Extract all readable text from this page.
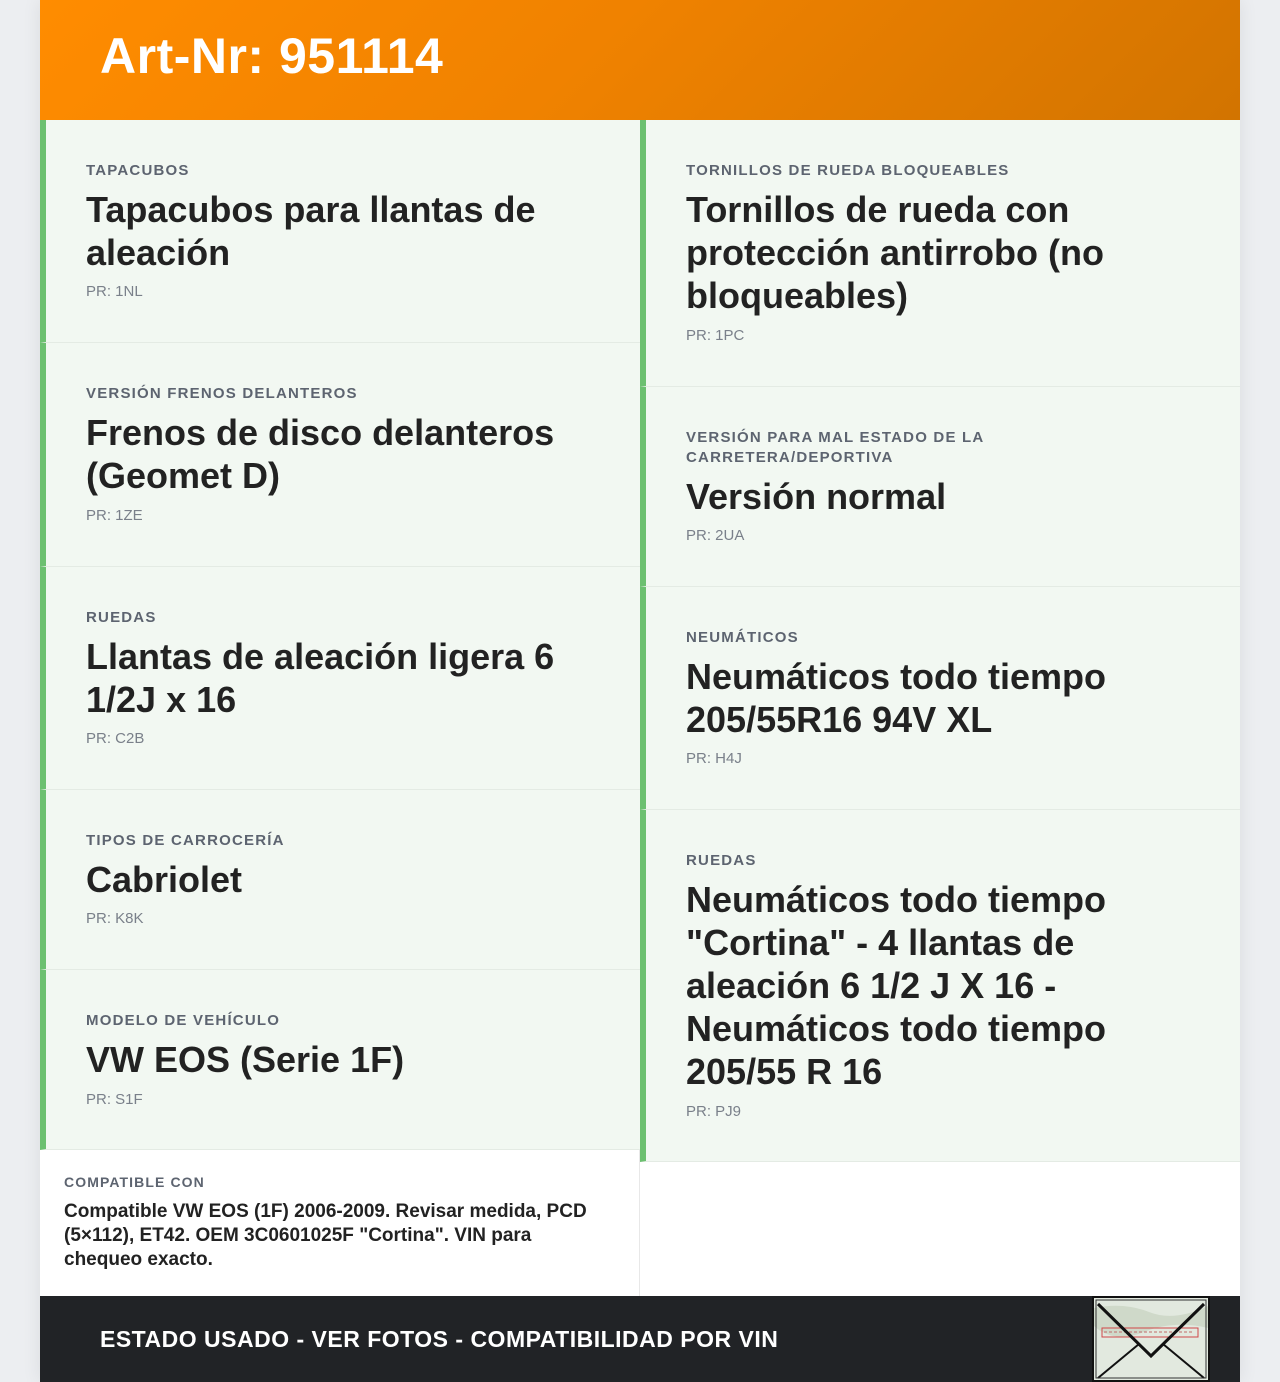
Art-Nr: 951114
TAPACUBOS
Tapacubos para llantas de aleación
PR: 1NL
VERSIÓN FRENOS DELANTEROS
Frenos de disco delanteros (Geomet D)
PR: 1ZE
RUEDAS
Llantas de aleación ligera 6 1/2J x 16
PR: C2B
TIPOS DE CARROCERÍA
Cabriolet
PR: K8K
MODELO DE VEHÍCULO
VW EOS (Serie 1F)
PR: S1F
TORNILLOS DE RUEDA BLOQUEABLES
Tornillos de rueda con protección antirrobo (no bloqueables)
PR: 1PC
VERSIÓN PARA MAL ESTADO DE LA CARRETERA/DEPORTIVA
Versión normal
PR: 2UA
NEUMÁTICOS
Neumáticos todo tiempo 205/55R16 94V XL
PR: H4J
RUEDAS
Neumáticos todo tiempo "Cortina" - 4 llantas de aleación 6 1/2 J X 16 - Neumáticos todo tiempo 205/55 R 16
PR: PJ9
COMPATIBLE CON
Compatible VW EOS (1F) 2006-2009. Revisar medida, PCD (5×112), ET42. OEM 3C0601025F "Cortina". VIN para chequeo exacto.
ESTADO USADO - VER FOTOS - COMPATIBILIDAD POR VIN
